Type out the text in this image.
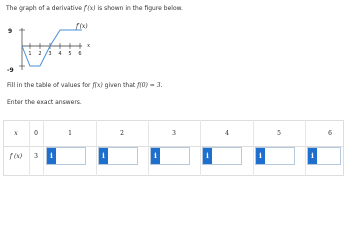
The graph of a derivative f′(x) is shown in the figure below.
9
-9
f′(x)
x
1 2 3 4 5 6
Fill in the table of values for f(x) given that f(0) = 3.
Enter the exact answers.
x	0	1	2	3	4	5	6
f (x)	3	i	i	i	i	i	i
